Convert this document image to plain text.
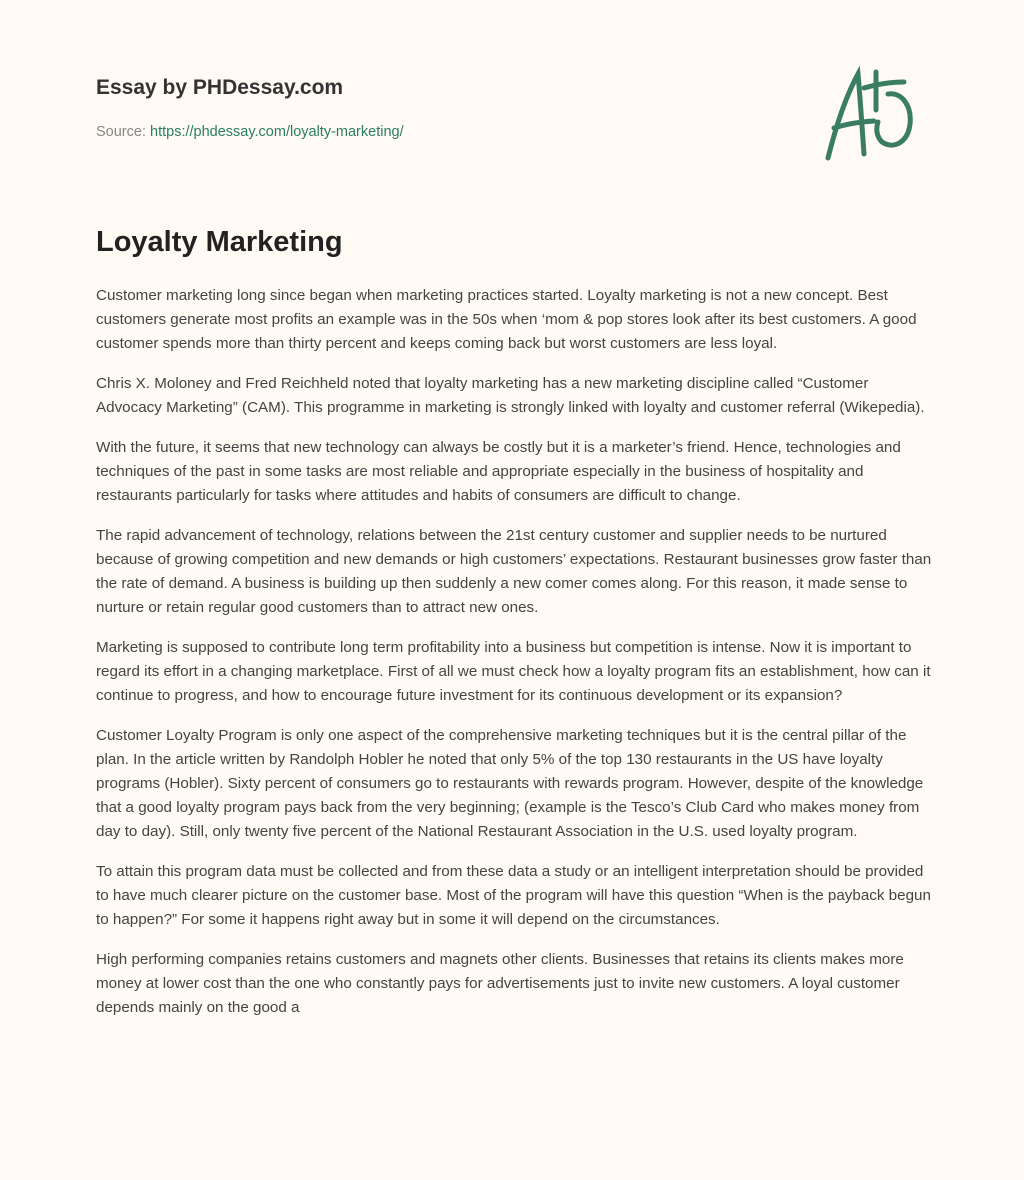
Essay by PHDessay.com
Source: https://phdessay.com/loyalty-marketing/
Loyalty Marketing

Customer marketing long since began when marketing practices started. Loyalty marketing is not a new concept. Best customers generate most profits an example was in the 50s when ‘mom & pop stores look after its best customers. A good customer spends more than thirty percent and keeps coming back but worst customers are less loyal.

Chris X. Moloney and Fred Reichheld noted that loyalty marketing has a new marketing discipline called “Customer Advocacy Marketing” (CAM). This programme in marketing is strongly linked with loyalty and customer referral (Wikepedia).

With the future, it seems that new technology can always be costly but it is a marketer’s friend. Hence, technologies and techniques of the past in some tasks are most reliable and appropriate especially in the business of hospitality and restaurants particularly for tasks where attitudes and habits of consumers are difficult to change.

The rapid advancement of technology, relations between the 21st century customer and supplier needs to be nurtured because of growing competition and new demands or high customers’ expectations. Restaurant businesses grow faster than the rate of demand. A business is building up then suddenly a new comer comes along. For this reason, it made sense to nurture or retain regular good customers than to attract new ones.

Marketing is supposed to contribute long term profitability into a business but competition is intense. Now it is important to regard its effort in a changing marketplace. First of all we must check how a loyalty program fits an establishment, how can it continue to progress, and how to encourage future investment for its continuous development or its expansion?

Customer Loyalty Program is only one aspect of the comprehensive marketing techniques but it is the central pillar of the plan. In the article written by Randolph Hobler he noted that only 5% of the top 130 restaurants in the US have loyalty programs (Hobler). Sixty percent of consumers go to restaurants with rewards program. However, despite of the knowledge that a good loyalty program pays back from the very beginning; (example is the Tesco’s Club Card who makes money from day to day). Still, only twenty five percent of the National Restaurant Association in the U.S. used loyalty program.

To attain this program data must be collected and from these data a study or an intelligent interpretation should be provided to have much clearer picture on the customer base. Most of the program will have this question “When is the payback begun to happen?” For some it happens right away but in some it will depend on the circumstances.

High performing companies retains customers and magnets other clients. Businesses that retains its clients makes more money at lower cost than the one who constantly pays for advertisements just to invite new customers. A loyal customer depends mainly on the good a
